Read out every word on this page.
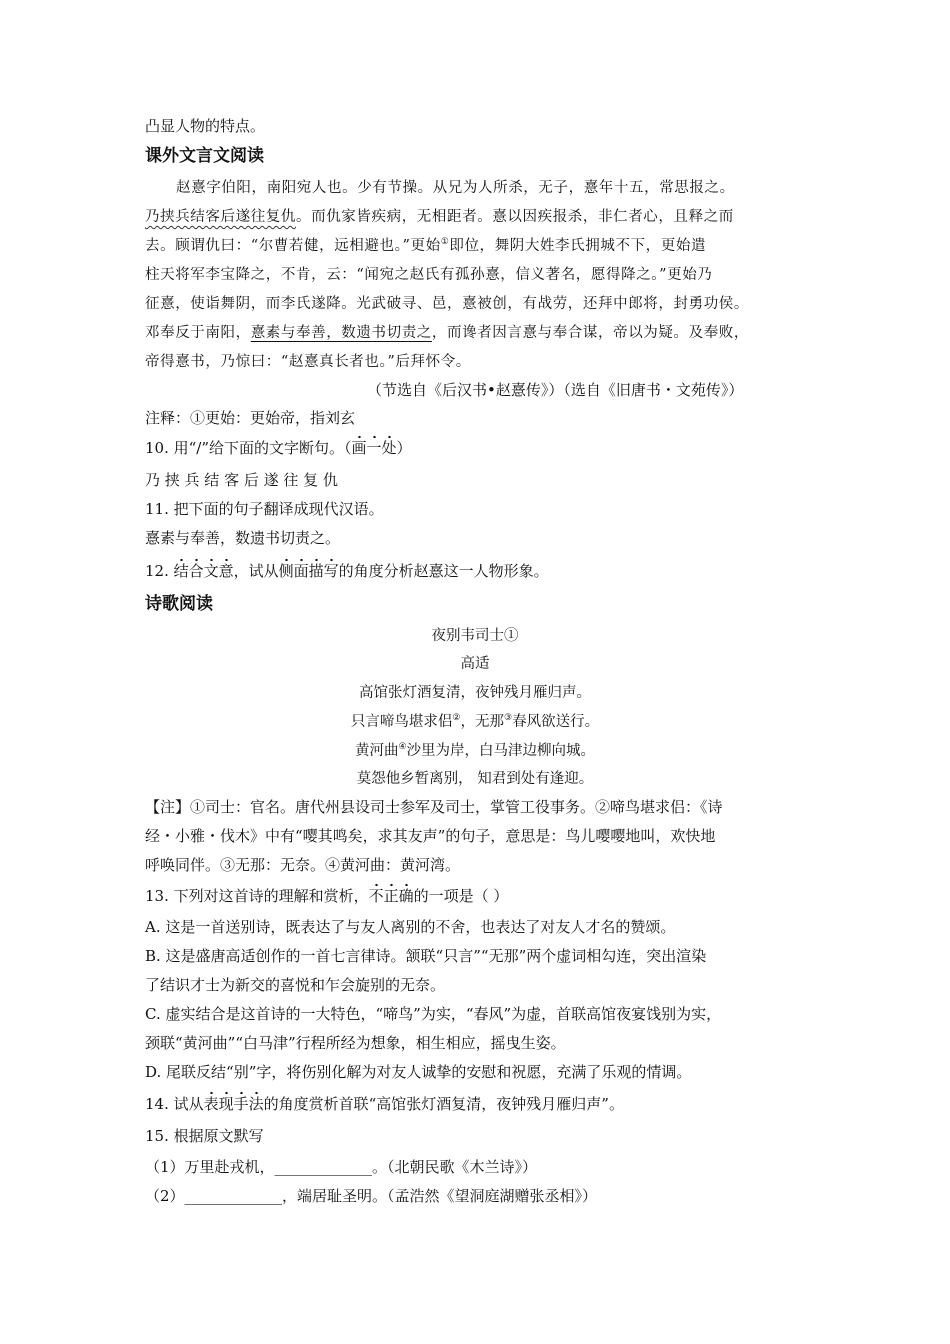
凸显人物的特点。
课外文言文阅读
赵憙字伯阳，南阳宛人也。少有节操。从兄为人所杀，无子，憙年十五，常思报之。
乃挟兵结客后遂往复仇。而仇家皆疾病，无相距者。憙以因疾报杀，非仁者心，且释之而
去。顾谓仇曰：“尔曹若健，远相避也。”更始①即位，舞阴大姓李氏拥城不下，更始遣
柱天将军李宝降之，不肯，云：“闻宛之赵氏有孤孙憙，信义著名，愿得降之。”更始乃
征憙，使诣舞阴，而李氏遂降。光武破寻、邑，憙被创，有战劳，还拜中郎将，封勇功侯。
邓奉反于南阳，憙素与奉善，数遗书切责之，而谗者因言憙与奉合谋，帝以为疑。及奉败，
帝得憙书，乃惊曰：“赵憙真长者也。”后拜怀令。
（节选自《后汉书•赵憙传》）（选自《旧唐书・文苑传》）
注释：①更始：更始帝，指刘玄
10. 用“/”给下面的文字断句。（画一处）
乃 挟 兵 结 客 后 遂 往 复 仇
11. 把下面的句子翻译成现代汉语。
憙素与奉善，数遗书切责之。
12. 结合文意，试从侧面描写的角度分析赵憙这一人物形象。
诗歌阅读
夜别韦司士①
高适
高馆张灯酒复清，夜钟残月雁归声。
只言啼鸟堪求侣②，无那③春风欲送行。
黄河曲④沙里为岸，白马津边柳向城。
莫怨他乡暂离别， 知君到处有逢迎。
【注】①司士：官名。唐代州县设司士参军及司士，掌管工役事务。②啼鸟堪求侣：《诗
经・小雅・伐木》中有“嘤其鸣矣，求其友声”的句子，意思是：鸟儿嘤嘤地叫，欢快地
呼唤同伴。③无那：无奈。④黄河曲：黄河湾。
13. 下列对这首诗的理解和赏析，不正确的一项是（ ）
A. 这是一首送别诗，既表达了与友人离别的不舍，也表达了对友人才名的赞颂。
B. 这是盛唐高适创作的一首七言律诗。颔联“只言”“无那”两个虚词相勾连，突出渲染
了结识才士为新交的喜悦和乍会旋别的无奈。
C. 虚实结合是这首诗的一大特色，“啼鸟”为实，“春风”为虚，首联高馆夜宴饯别为实，
颈联“黄河曲”“白马津”行程所经为想象，相生相应，摇曳生姿。
D. 尾联反结“别”字，将伤别化解为对友人诚挚的安慰和祝愿，充满了乐观的情调。
14. 试从表现手法的角度赏析首联“高馆张灯酒复清，夜钟残月雁归声”。
15. 根据原文默写
（1）万里赴戎机，_____________。（北朝民歌《木兰诗》）
（2）_____________，端居耻圣明。（孟浩然《望洞庭湖赠张丞相》）
